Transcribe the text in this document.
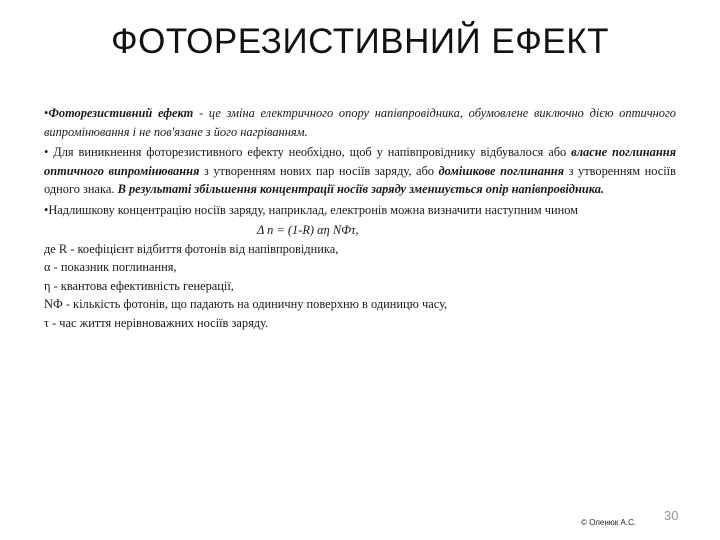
ФОТОРЕЗИСТИВНИЙ ЕФЕКТ

•Фоторезистивний ефект - це зміна електричного опору напівпровідника, обумовлене виключно дією оптичного випромінювання і не пов'язане з його нагріванням.

• Для виникнення фоторезистивного ефекту необхідно, щоб у напівпровіднику відбувалося або власне поглинання оптичного випромінювання з утворенням нових пар носіїв заряду, або домішкове поглинання з утворенням носіїв одного знака. В результаті збільшення концентрації носіїв заряду зменшується опір напівпровідника.

•Надлишкову концентрацію носіїв заряду, наприклад, електронів можна визначити наступним чином

Δ n = (1-R) αη NФτ,

де R - коефіцієнт відбиття фотонів від напівпровідника,

α - показник поглинання,

η - квантова ефективність генерації,

NФ - кількість фотонів, що падають на одиничну поверхню в одиницю часу,

τ - час життя нерівноважних носіїв заряду.

© Оленюк А.С. 30
